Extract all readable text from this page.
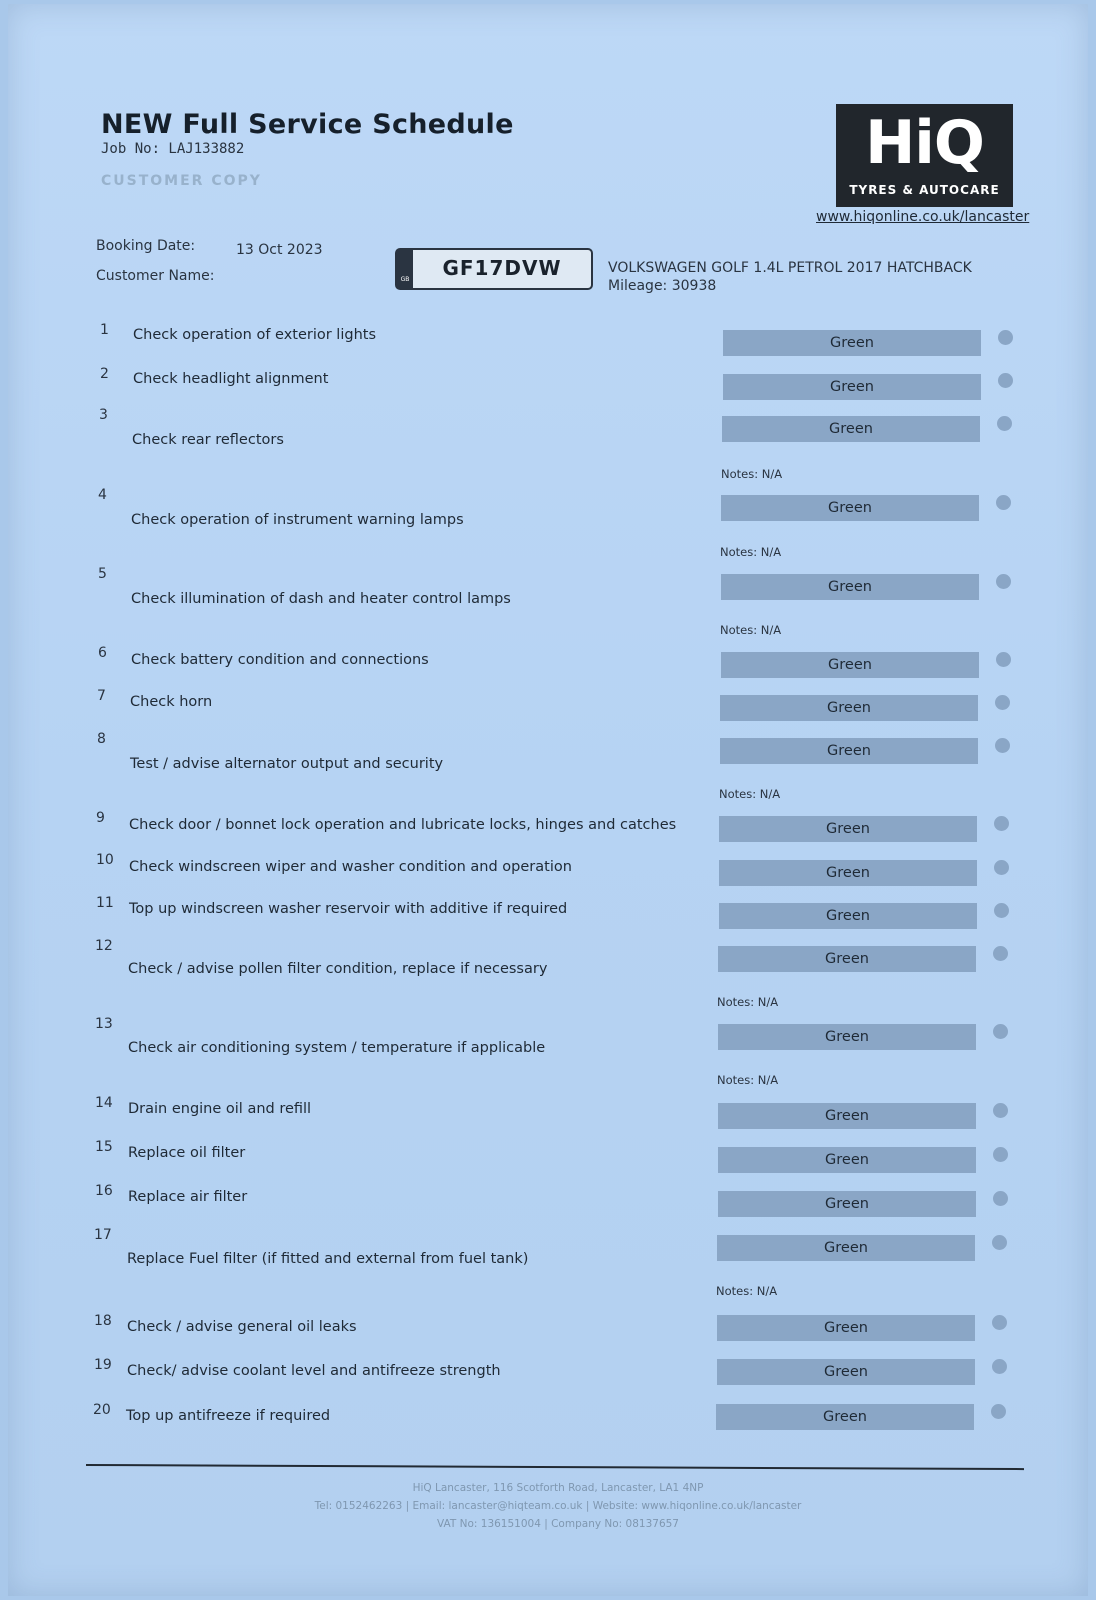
NEW Full Service Schedule
Job No: LAJ133882
CUSTOMER COPY
HiQ
TYRES & AUTOCARE
www.hiqonline.co.uk/lancaster
Booking Date:	13 Oct 2023
Customer Name:	GB	GF17DVW	VOLKSWAGEN GOLF 1.4L PETROL 2017 HATCHBACK
Mileage: 30938
1 Check operation of exterior lights	Green
2 Check headlight alignment	Green
3
Check rear reflectors
Green
Notes: N/A
4
Check operation of instrument warning lamps
Green
Notes: N/A
5
Check illumination of dash and heater control lamps
Green
Notes: N/A
6 Check battery condition and connections	Green
7 Check horn	Green
8
Test / advise alternator output and security
Green
Notes: N/A
9 Check door / bonnet lock operation and lubricate locks, hinges and catches	Green
10 Check windscreen wiper and washer condition and operation	Green
11 Top up windscreen washer reservoir with additive if required	Green
12
Check / advise pollen filter condition, replace if necessary
Green
Notes: N/A
13
Check air conditioning system / temperature if applicable
Green
Notes: N/A
14 Drain engine oil and refill	Green
15 Replace oil filter	Green
16 Replace air filter	Green
17
Replace Fuel filter (if fitted and external from fuel tank)
Green
Notes: N/A
18 Check / advise general oil leaks	Green
19 Check/ advise coolant level and antifreeze strength	Green
20 Top up antifreeze if required	Green
HiQ Lancaster, 116 Scotforth Road, Lancaster, LA1 4NP
Tel: 0152462263 | Email: lancaster@hiqteam.co.uk | Website: www.hiqonline.co.uk/lancaster
VAT No: 136151004 | Company No: 08137657
